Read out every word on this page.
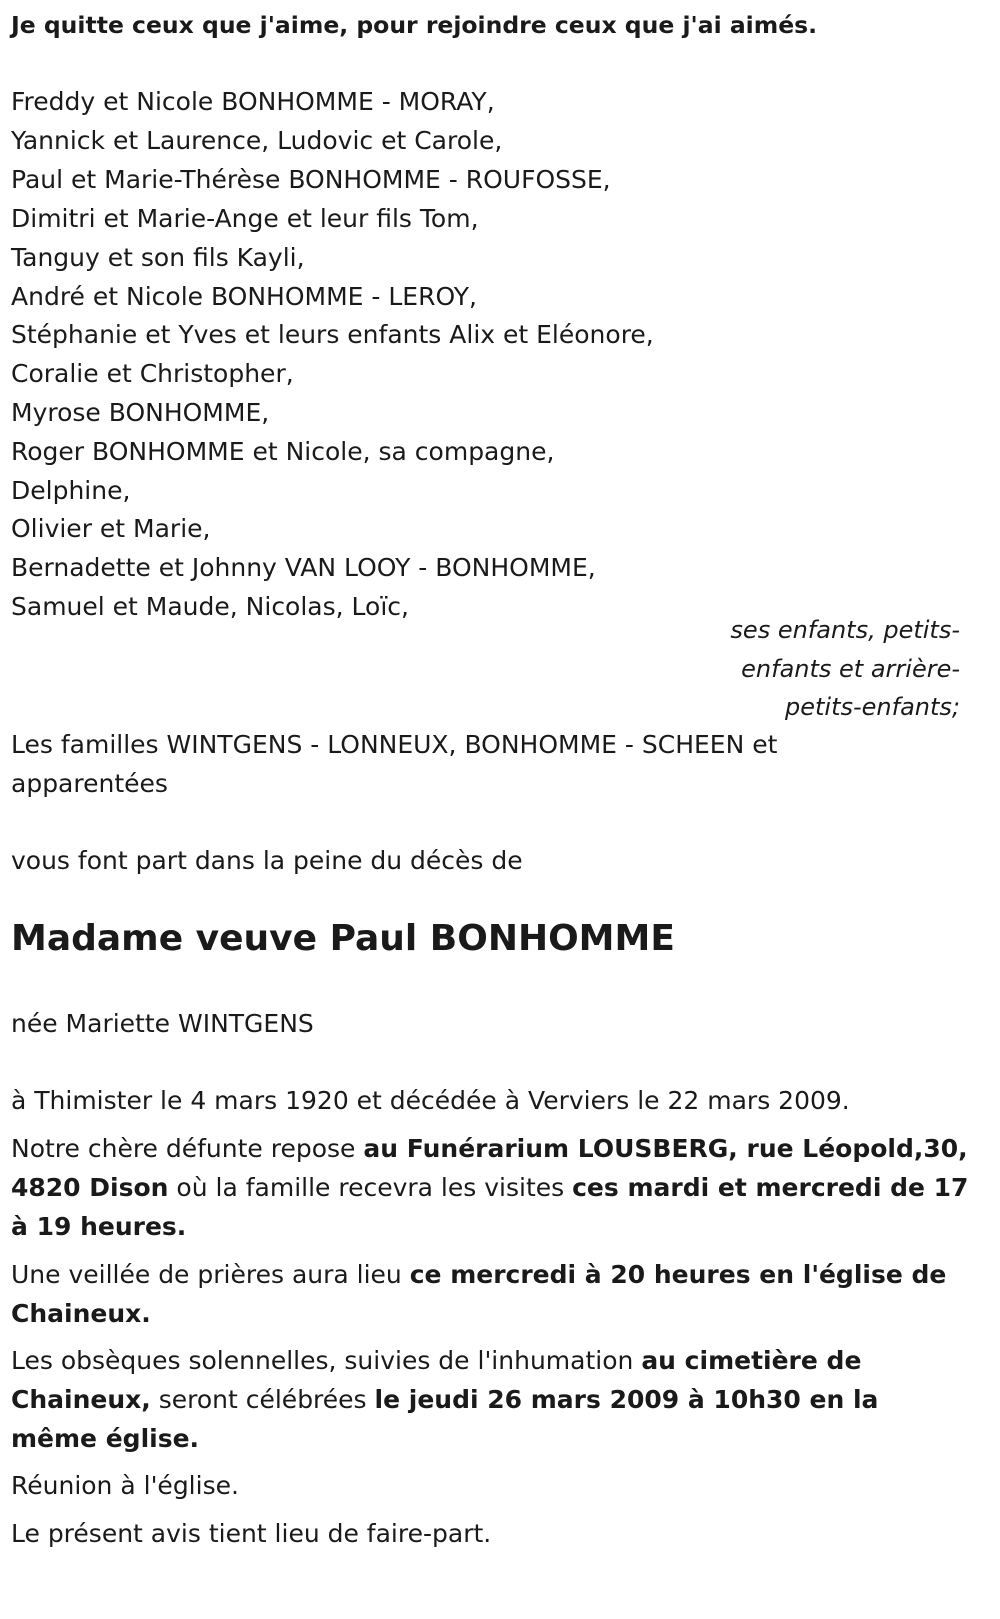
Je quitte ceux que j'aime, pour rejoindre ceux que j'ai aimés.

Freddy et Nicole BONHOMME - MORAY,

Yannick et Laurence, Ludovic et Carole,

Paul et Marie-Thérèse BONHOMME - ROUFOSSE,

Dimitri et Marie-Ange et leur fils Tom,

Tanguy et son fils Kayli,

André et Nicole BONHOMME - LEROY,

Stéphanie et Yves et leurs enfants Alix et Eléonore,

Coralie et Christopher,

Myrose BONHOMME,

Roger BONHOMME et Nicole, sa compagne,

Delphine,

Olivier et Marie,

Bernadette et Johnny VAN LOOY - BONHOMME,

Samuel et Maude, Nicolas, Loïc,

ses enfants, petits-

enfants et arrière-

petits-enfants;

Les familles WINTGENS - LONNEUX, BONHOMME - SCHEEN et

apparentées

vous font part dans la peine du décès de

Madame veuve Paul BONHOMME

née Mariette WINTGENS

à Thimister le 4 mars 1920 et décédée à Verviers le 22 mars 2009.

Notre chère défunte repose au Funérarium LOUSBERG, rue Léopold,30, 4820 Dison où la famille recevra les visites ces mardi et mercredi de 17 à 19 heures.

Une veillée de prières aura lieu ce mercredi à 20 heures en l'église de Chaineux.

Les obsèques solennelles, suivies de l'inhumation au cimetière de Chaineux, seront célébrées le jeudi 26 mars 2009 à 10h30 en la même église.

Réunion à l'église.

Le présent avis tient lieu de faire-part.
